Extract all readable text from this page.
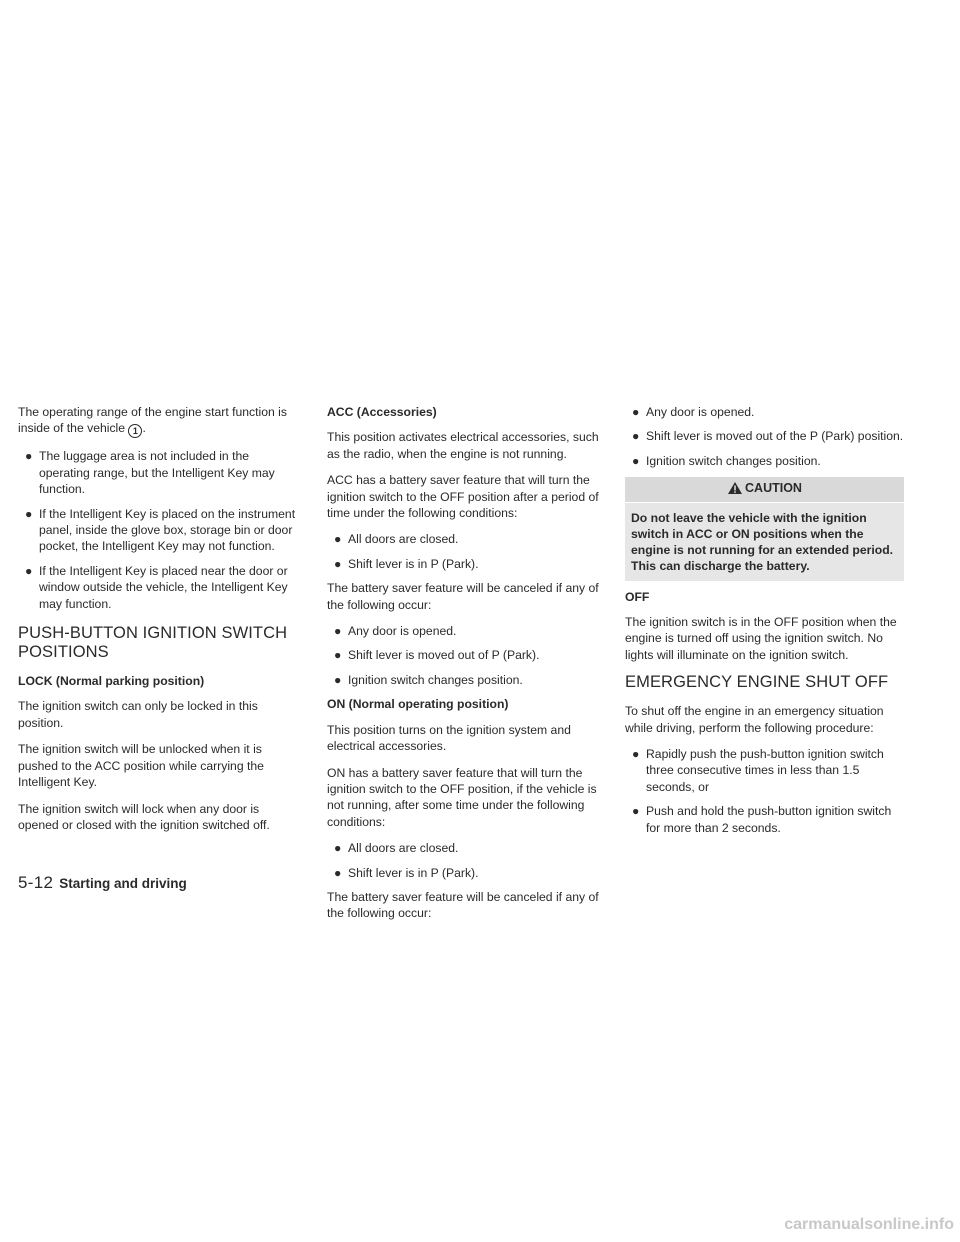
The operating range of the engine start function is inside of the vehicle 1 .

● The luggage area is not included in the operating range, but the Intelligent Key may function.
● If the Intelligent Key is placed on the instrument panel, inside the glove box, storage bin or door pocket, the Intelligent Key may not function.
● If the Intelligent Key is placed near the door or window outside the vehicle, the Intelligent Key may function.
PUSH-BUTTON IGNITION SWITCH POSITIONS
LOCK (Normal parking position)

The ignition switch can only be locked in this position.

The ignition switch will be unlocked when it is pushed to the ACC position while carrying the Intelligent Key.

The ignition switch will lock when any door is opened or closed with the ignition switched off.

ACC (Accessories)

This position activates electrical accessories, such as the radio, when the engine is not running.

ACC has a battery saver feature that will turn the ignition switch to the OFF position after a period of time under the following conditions:

● All doors are closed.
● Shift lever is in P (Park).

The battery saver feature will be canceled if any of the following occur:

● Any door is opened.
● Shift lever is moved out of P (Park).
● Ignition switch changes position.
ON (Normal operating position)

This position turns on the ignition system and electrical accessories.

ON has a battery saver feature that will turn the ignition switch to the OFF position, if the vehicle is not running, after some time under the following conditions:

● All doors are closed.
● Shift lever is in P (Park).

The battery saver feature will be canceled if any of the following occur:

● Any door is opened.
● Shift lever is moved out of the P (Park) position.
● Ignition switch changes position.
CAUTION
Do not leave the vehicle with the ignition switch in ACC or ON positions when the engine is not running for an extended period. This can discharge the battery.
OFF

The ignition switch is in the OFF position when the engine is turned off using the ignition switch. No lights will illuminate on the ignition switch.

EMERGENCY ENGINE SHUT OFF

To shut off the engine in an emergency situation while driving, perform the following procedure:

● Rapidly push the push-button ignition switch three consecutive times in less than 1.5 seconds, or
● Push and hold the push-button ignition switch for more than 2 seconds.
5-12 Starting and driving
carmanualsonline.info
